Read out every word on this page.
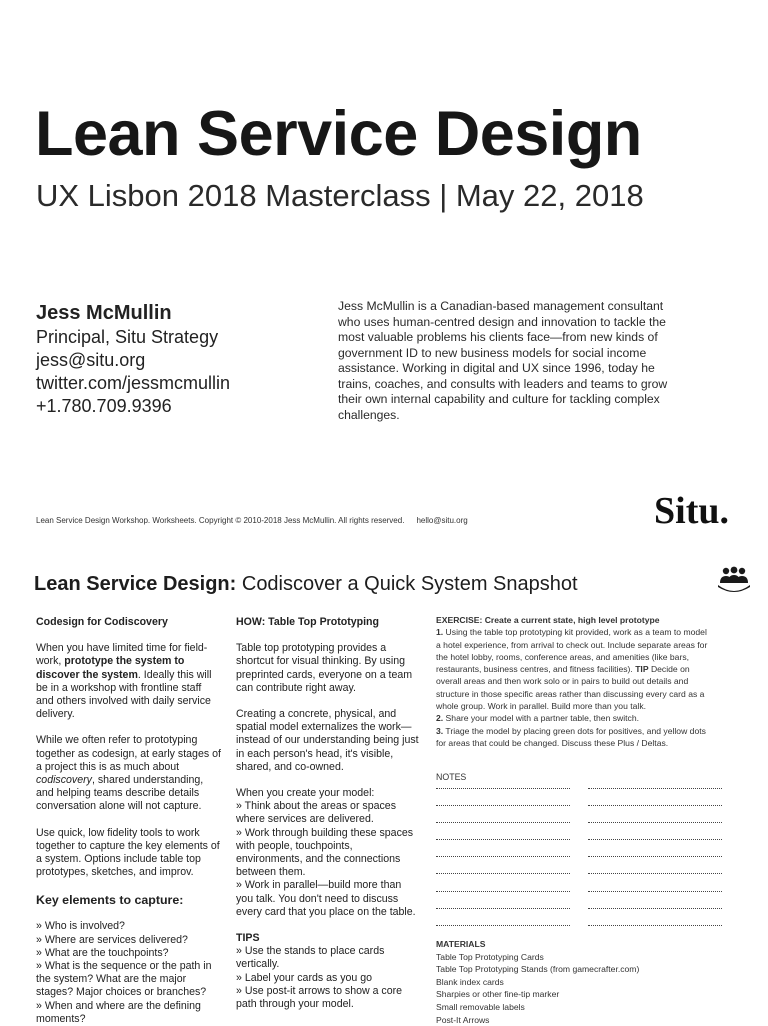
Lean Service Design
UX Lisbon 2018 Masterclass | May 22, 2018
Jess McMullin
Principal, Situ Strategy
jess@situ.org
twitter.com/jessmcmullin
+1.780.709.9396
Jess McMullin is a Canadian-based management consultant who uses human-centred design and innovation to tackle the most valuable problems his clients face—from new kinds of government ID to new business models for social income assistance. Working in digital and UX since 1996, today he trains, coaches, and consults with leaders and teams to grow their own internal capability and culture for tackling complex challenges.
Lean Service Design Workshop. Worksheets. Copyright © 2010-2018 Jess McMullin. All rights reserved. hello@situ.org	Situ.
Lean Service Design: Codiscover a Quick System Snapshot

Codesign for Codiscovery

When you have limited time for field-work, prototype the system to discover the system. Ideally this will be in a workshop with frontline staff and others involved with daily service delivery.

While we often refer to prototyping together as codesign, at early stages of a project this is as much about codiscovery, shared understanding, and helping teams describe details conversation alone will not capture.

Use quick, low fidelity tools to work together to capture the key elements of a system. Options include table top prototypes, sketches, and improv.

Key elements to capture:

» Who is involved?
» Where are services delivered?
» What are the touchpoints?
» What is the sequence or the path in the system? What are the major stages? Major choices or branches?
» When and where are the defining moments?

HOW: Table Top Prototyping

Table top prototyping provides a shortcut for visual thinking. By using preprinted cards, everyone on a team can contribute right away.

Creating a concrete, physical, and spatial model externalizes the work—instead of our understanding being just in each person's head, it's visible, shared, and co-owned.

When you create your model:
» Think about the areas or spaces where services are delivered.
» Work through building these spaces with people, touchpoints, environments, and the connections between them.
» Work in parallel—build more than you talk. You don't need to discuss every card that you place on the table.
TIPS
» Use the stands to place cards vertically.
» Label your cards as you go
» Use post-it arrows to show a core path through your model.
EXERCISE: Create a current state, high level prototype
1. Using the table top prototyping kit provided, work as a team to model a hotel experience, from arrival to check out. Include separate areas for the hotel lobby, rooms, conference areas, and amenities (like bars, restaurants, business centres, and fitness facilities). TIP Decide on overall areas and then work solo or in pairs to build out details and structure in those specific areas rather than discussing every card as a whole group. Work in parallel. Build more than you talk.
2. Share your model with a partner table, then switch.
3. Triage the model by placing green dots for positives, and yellow dots for areas that could be changed. Discuss these Plus / Deltas.
NOTES
MATERIALS
Table Top Prototyping Cards
Table Top Prototyping Stands (from gamecrafter.com)
Blank index cards
Sharpies or other fine-tip marker
Small removable labels
Post-It Arrows
